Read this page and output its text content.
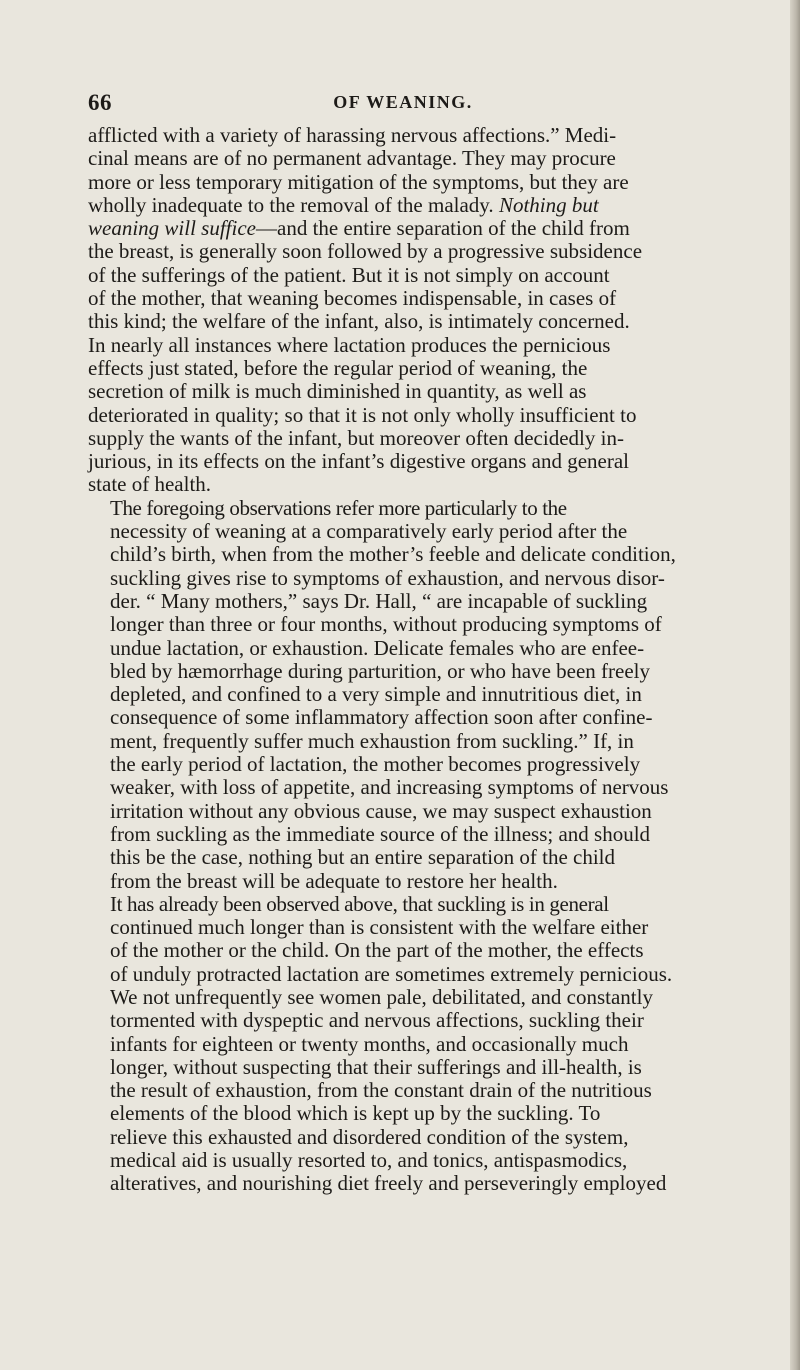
66	OF WEANING.

afflicted with a variety of harassing nervous affections.” Medi-
cinal means are of no permanent advantage. They may procure
more or less temporary mitigation of the symptoms, but they are
wholly inadequate to the removal of the malady. Nothing but
weaning will suffice—and the entire separation of the child from
the breast, is generally soon followed by a progressive subsidence
of the sufferings of the patient. But it is not simply on account
of the mother, that weaning becomes indispensable, in cases of
this kind; the welfare of the infant, also, is intimately concerned.
In nearly all instances where lactation produces the pernicious
effects just stated, before the regular period of weaning, the
secretion of milk is much diminished in quantity, as well as
deteriorated in quality; so that it is not only wholly insufficient to
supply the wants of the infant, but moreover often decidedly in-
jurious, in its effects on the infant’s digestive organs and general
state of health.

The foregoing observations refer more particularly to the
necessity of weaning at a comparatively early period after the
child’s birth, when from the mother’s feeble and delicate condition,
suckling gives rise to symptoms of exhaustion, and nervous disor-
der. “ Many mothers,” says Dr. Hall, “ are incapable of suckling
longer than three or four months, without producing symptoms of
undue lactation, or exhaustion. Delicate females who are enfee-
bled by hæmorrhage during parturition, or who have been freely
depleted, and confined to a very simple and innutritious diet, in
consequence of some inflammatory affection soon after confine-
ment, frequently suffer much exhaustion from suckling.” If, in
the early period of lactation, the mother becomes progressively
weaker, with loss of appetite, and increasing symptoms of nervous
irritation without any obvious cause, we may suspect exhaustion
from suckling as the immediate source of the illness; and should
this be the case, nothing but an entire separation of the child
from the breast will be adequate to restore her health.

It has already been observed above, that suckling is in general
continued much longer than is consistent with the welfare either
of the mother or the child. On the part of the mother, the effects
of unduly protracted lactation are sometimes extremely pernicious.
We not unfrequently see women pale, debilitated, and constantly
tormented with dyspeptic and nervous affections, suckling their
infants for eighteen or twenty months, and occasionally much
longer, without suspecting that their sufferings and ill-health, is
the result of exhaustion, from the constant drain of the nutritious
elements of the blood which is kept up by the suckling. To
relieve this exhausted and disordered condition of the system,
medical aid is usually resorted to, and tonics, antispasmodics,
alteratives, and nourishing diet freely and perseveringly employed
